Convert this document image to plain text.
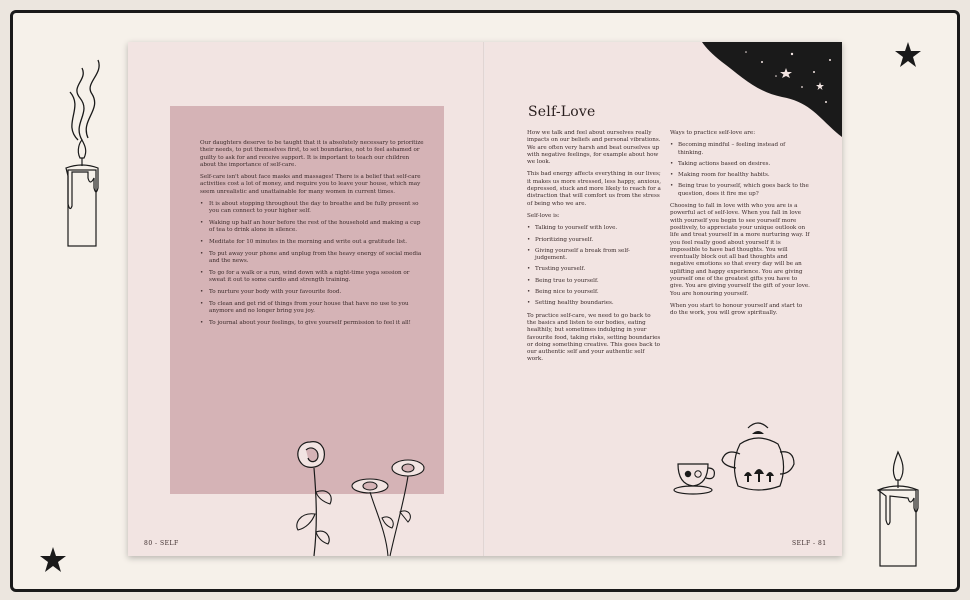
80 - SELF	SELF - 81

Our daughters deserve to be taught that it is absolutely necessary to prioritize their needs, to put themselves first, to set boundaries, not to feel ashamed or guilty to ask for and receive support. It is important to teach our children about the importance of self-care.

Self-care isn't about face masks and massages! There is a belief that self-care activities cost a lot of money, and require you to leave your house, which may seem unrealistic and unattainable for many women in current times.

• It is about stopping throughout the day to breathe and be fully present so you can connect to your higher self.
• Waking up half an hour before the rest of the household and making a cup of tea to drink alone in silence.
• Meditate for 10 minutes in the morning and write out a gratitude list.
• To put away your phone and unplug from the heavy energy of social media and the news.
• To go for a walk or a run, wind down with a night-time yoga session or sweat it out to some cardio and strength training.
• To nurture your body with your favourite food.
• To clean and get rid of things from your house that have no use to you anymore and no longer bring you joy.
• To journal about your feelings, to give yourself permission to feel it all!
Self-Love

How we talk and feel about ourselves really impacts on our beliefs and personal vibrations. We are often very harsh and beat ourselves up with negative feelings, for example about how we look.

This bad energy affects everything in our lives; it makes us more stressed, less happy, anxious, depressed, stuck and more likely to reach for a distraction that will comfort us from the stress of being who we are.

Self-love is:

• Talking to yourself with love.
• Prioritizing yourself.
• Giving yourself a break from self-judgement.
• Trusting yourself.
• Being true to yourself.
• Being nice to yourself.
• Setting healthy boundaries.

To practice self-care, we need to go back to the basics and listen to our bodies, eating healthily, but sometimes indulging in your favourite food, taking risks, setting boundaries or doing something creative. This goes back to our authentic self and your authentic self work.

Ways to practice self-love are:

• Becoming mindful – feeling instead of thinking.
• Taking actions based on desires.
• Making room for healthy habits.
• Being true to yourself, which goes back to the question, does it fire me up?

Choosing to fall in love with who you are is a powerful act of self-love. When you fall in love with yourself you begin to see yourself more positively, to appreciate your unique outlook on life and treat yourself in a more nurturing way. If you feel really good about yourself it is impossible to have bad thoughts. You will eventually block out all bad thoughts and negative emotions so that every day will be an uplifting and happy experience. You are giving yourself one of the greatest gifts you have to give. You are giving yourself the gift of your love. You are honouring yourself.

When you start to honour yourself and start to do the work, you will grow spiritually.
